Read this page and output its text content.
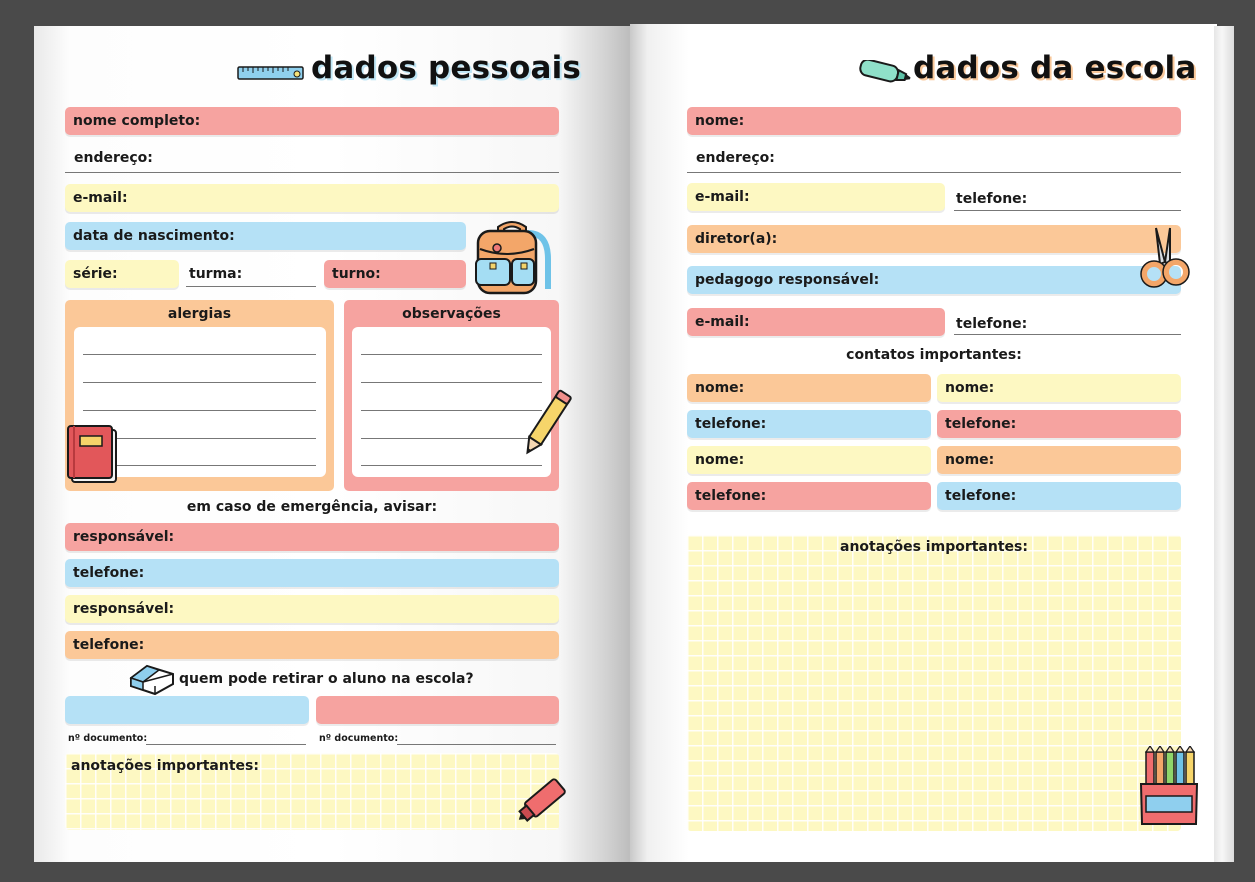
dados pessoais
nome completo:
endereço:
e-mail:
data de nascimento:
série:	turma:	turno:
alergias	observações
em caso de emergência, avisar:
responsável:
telefone:
responsável:
telefone:
quem pode retirar o aluno na escola?
nº documento:	nº documento:
anotações importantes:
dados da escola
nome:
endereço:
e-mail:	telefone:
diretor(a):
pedagogo responsável:
e-mail:	telefone:
contatos importantes:
nome:	nome:
telefone:	telefone:
nome:	nome:
telefone:	telefone:
anotações importantes:
